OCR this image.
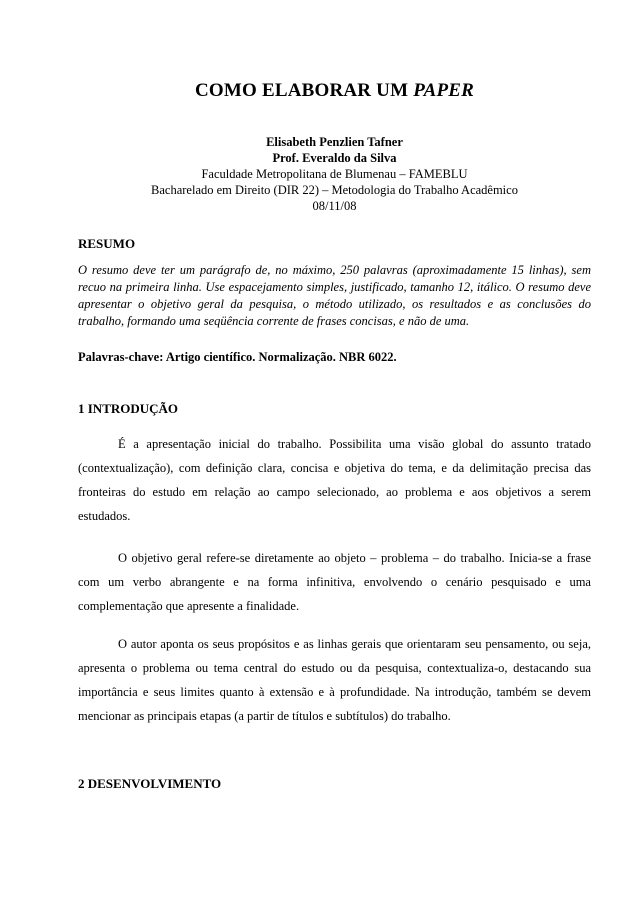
COMO ELABORAR UM PAPER
Elisabeth Penzlien Tafner
Prof. Everaldo da Silva
Faculdade Metropolitana de Blumenau – FAMEBLU
Bacharelado em Direito (DIR 22) – Metodologia do Trabalho Acadêmico
08/11/08
RESUMO
O resumo deve ter um parágrafo de, no máximo, 250 palavras (aproximadamente 15 linhas), sem recuo na primeira linha. Use espacejamento simples, justificado, tamanho 12, itálico. O resumo deve apresentar o objetivo geral da pesquisa, o método utilizado, os resultados e as conclusões do trabalho, formando uma seqüência corrente de frases concisas, e não de uma.
Palavras-chave: Artigo científico. Normalização. NBR 6022.
1 INTRODUÇÃO
É a apresentação inicial do trabalho. Possibilita uma visão global do assunto tratado (contextualização), com definição clara, concisa e objetiva do tema, e da delimitação precisa das fronteiras do estudo em relação ao campo selecionado, ao problema e aos objetivos a serem estudados.
O objetivo geral refere-se diretamente ao objeto – problema – do trabalho. Inicia-se a frase com um verbo abrangente e na forma infinitiva, envolvendo o cenário pesquisado e uma complementação que apresente a finalidade.
O autor aponta os seus propósitos e as linhas gerais que orientaram seu pensamento, ou seja, apresenta o problema ou tema central do estudo ou da pesquisa, contextualiza-o, destacando sua importância e seus limites quanto à extensão e à profundidade. Na introdução, também se devem mencionar as principais etapas (a partir de títulos e subtítulos) do trabalho.
2 DESENVOLVIMENTO
